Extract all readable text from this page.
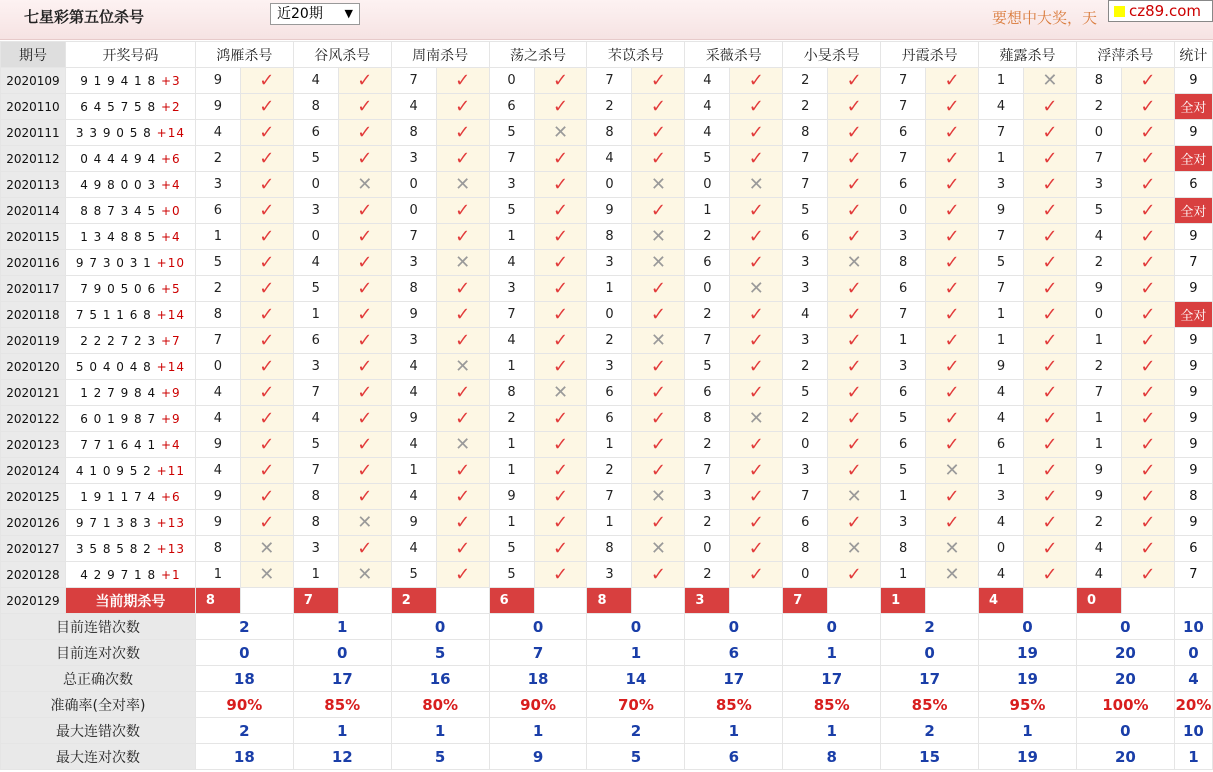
七星彩第五位杀号	近20期 ▼	要想中大奖，天	cz89.com
期号	开奖号码	鸿雁杀号		谷风杀号		周南杀号		荡之杀号		芣苡杀号		采薇杀号		小旻杀号		丹霞杀号		薤露杀号		浮萍杀号		统计
2020109	9 1 9 4 1 8 +3	9	✓	4	✓	7	✓	0	✓	7	✓	4	✓	2	✓	7	✓	1	✕	8	✓	9
2020110	6 4 5 7 5 8 +2	9	✓	8	✓	4	✓	6	✓	2	✓	4	✓	2	✓	7	✓	4	✓	2	✓	全对
2020111	3 3 9 0 5 8 +14	4	✓	6	✓	8	✓	5	✕	8	✓	4	✓	8	✓	6	✓	7	✓	0	✓	9
2020112	0 4 4 4 9 4 +6	2	✓	5	✓	3	✓	7	✓	4	✓	5	✓	7	✓	7	✓	1	✓	7	✓	全对
2020113	4 9 8 0 0 3 +4	3	✓	0	✕	0	✕	3	✓	0	✕	0	✕	7	✓	6	✓	3	✓	3	✓	6
2020114	8 8 7 3 4 5 +0	6	✓	3	✓	0	✓	5	✓	9	✓	1	✓	5	✓	0	✓	9	✓	5	✓	全对
2020115	1 3 4 8 8 5 +4	1	✓	0	✓	7	✓	1	✓	8	✕	2	✓	6	✓	3	✓	7	✓	4	✓	9
2020116	9 7 3 0 3 1 +10	5	✓	4	✓	3	✕	4	✓	3	✕	6	✓	3	✕	8	✓	5	✓	2	✓	7
2020117	7 9 0 5 0 6 +5	2	✓	5	✓	8	✓	3	✓	1	✓	0	✕	3	✓	6	✓	7	✓	9	✓	9
2020118	7 5 1 1 6 8 +14	8	✓	1	✓	9	✓	7	✓	0	✓	2	✓	4	✓	7	✓	1	✓	0	✓	全对
2020119	2 2 2 7 2 3 +7	7	✓	6	✓	3	✓	4	✓	2	✕	7	✓	3	✓	1	✓	1	✓	1	✓	9
2020120	5 0 4 0 4 8 +14	0	✓	3	✓	4	✕	1	✓	3	✓	5	✓	2	✓	3	✓	9	✓	2	✓	9
2020121	1 2 7 9 8 4 +9	4	✓	7	✓	4	✓	8	✕	6	✓	6	✓	5	✓	6	✓	4	✓	7	✓	9
2020122	6 0 1 9 8 7 +9	4	✓	4	✓	9	✓	2	✓	6	✓	8	✕	2	✓	5	✓	4	✓	1	✓	9
2020123	7 7 1 6 4 1 +4	9	✓	5	✓	4	✕	1	✓	1	✓	2	✓	0	✓	6	✓	6	✓	1	✓	9
2020124	4 1 0 9 5 2 +11	4	✓	7	✓	1	✓	1	✓	2	✓	7	✓	3	✓	5	✕	1	✓	9	✓	9
2020125	1 9 1 1 7 4 +6	9	✓	8	✓	4	✓	9	✓	7	✕	3	✓	7	✕	1	✓	3	✓	9	✓	8
2020126	9 7 1 3 8 3 +13	9	✓	8	✕	9	✓	1	✓	1	✓	2	✓	6	✓	3	✓	4	✓	2	✓	9
2020127	3 5 8 5 8 2 +13	8	✕	3	✓	4	✓	5	✓	8	✕	0	✓	8	✕	8	✕	0	✓	4	✓	6
2020128	4 2 9 7 1 8 +1	1	✕	1	✕	5	✓	5	✓	3	✓	2	✓	0	✓	1	✕	4	✓	4	✓	7
2020129	当前期杀号	8		7		2		6		8		3		7		1		4		0		
目前连错次数		2		1		0		0		0		0		0		2		0		0		10
目前连对次数		0		0		5		7		1		6		1		0		19		20		0
总正确次数		18		17		16		18		14		17		17		17		19		20		4
准确率(全对率)		90%		85%		80%		90%		70%		85%		85%		85%		95%		100%		20%
最大连错次数		2		1		1		1		2		1		1		2		1		0		10
最大连对次数		18		12		5		9		5		6		8		15		19		20		1
